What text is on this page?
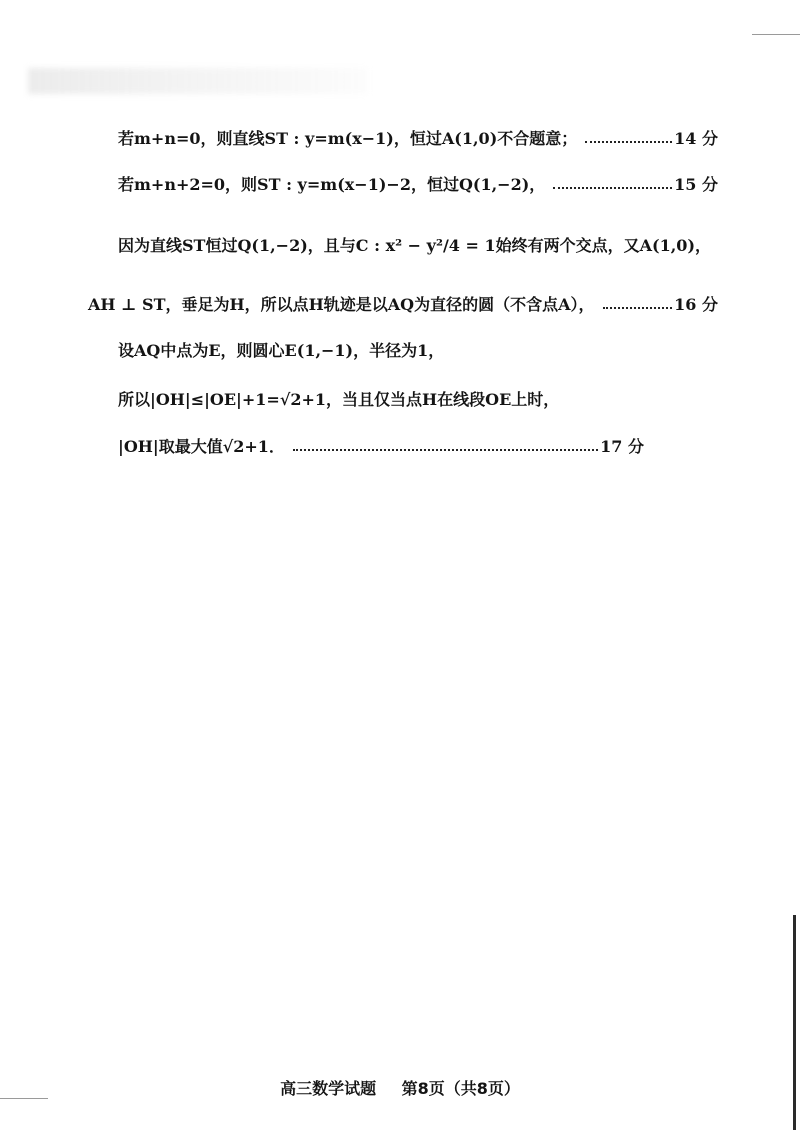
若m+n=0，则直线ST : y=m(x−1)，恒过A(1,0)不合题意；	14 分
若m+n+2=0，则ST : y=m(x−1)−2，恒过Q(1,−2)，	15 分
因为直线ST恒过Q(1,−2)，且与C : x² − y²/4 = 1始终有两个交点，又A(1,0)，
AH ⊥ ST，垂足为H，所以点H轨迹是以AQ为直径的圆（不含点A），	16 分
设AQ中点为E，则圆心E(1,−1)，半径为1，
所以|OH|≤|OE|+1=√2+1，当且仅当点H在线段OE上时，
|OH|取最大值√2+1．	17 分
高三数学试题 第8页（共8页）
